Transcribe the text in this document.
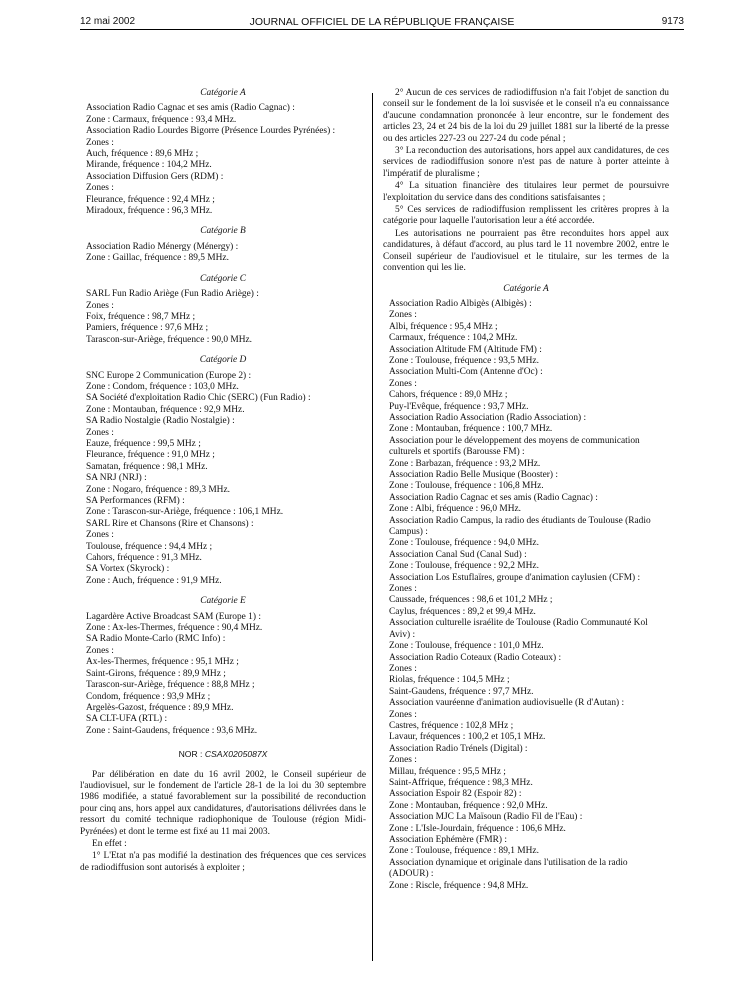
12 mai 2002	JOURNAL OFFICIEL DE LA RÉPUBLIQUE FRANÇAISE	9173
Catégorie A
Association Radio Cagnac et ses amis (Radio Cagnac) :
Zone : Carmaux, fréquence : 93,4 MHz.
Association Radio Lourdes Bigorre (Présence Lourdes Pyrénées) :
Zones :
Auch, fréquence : 89,6 MHz ;
Mirande, fréquence : 104,2 MHz.
Association Diffusion Gers (RDM) :
Zones :
Fleurance, fréquence : 92,4 MHz ;
Miradoux, fréquence : 96,3 MHz.
Catégorie B
Association Radio Ménergy (Ménergy) :
Zone : Gaillac, fréquence : 89,5 MHz.
Catégorie C
SARL Fun Radio Ariège (Fun Radio Ariège) :
Zones :
Foix, fréquence : 98,7 MHz ;
Pamiers, fréquence : 97,6 MHz ;
Tarascon-sur-Ariège, fréquence : 90,0 MHz.
Catégorie D
SNC Europe 2 Communication (Europe 2) :
Zone : Condom, fréquence : 103,0 MHz.
SA Société d'exploitation Radio Chic (SERC) (Fun Radio) :
Zone : Montauban, fréquence : 92,9 MHz.
SA Radio Nostalgie (Radio Nostalgie) :
Zones :
Eauze, fréquence : 99,5 MHz ;
Fleurance, fréquence : 91,0 MHz ;
Samatan, fréquence : 98,1 MHz.
SA NRJ (NRJ) :
Zone : Nogaro, fréquence : 89,3 MHz.
SA Performances (RFM) :
Zone : Tarascon-sur-Ariège, fréquence : 106,1 MHz.
SARL Rire et Chansons (Rire et Chansons) :
Zones :
Toulouse, fréquence : 94,4 MHz ;
Cahors, fréquence : 91,3 MHz.
SA Vortex (Skyrock) :
Zone : Auch, fréquence : 91,9 MHz.
Catégorie E
Lagardère Active Broadcast SAM (Europe 1) :
Zone : Ax-les-Thermes, fréquence : 90,4 MHz.
SA Radio Monte-Carlo (RMC Info) :
Zones :
Ax-les-Thermes, fréquence : 95,1 MHz ;
Saint-Girons, fréquence : 89,9 MHz ;
Tarascon-sur-Ariège, fréquence : 88,8 MHz ;
Condom, fréquence : 93,9 MHz ;
Argelès-Gazost, fréquence : 89,9 MHz.
SA CLT-UFA (RTL) :
Zone : Saint-Gaudens, fréquence : 93,6 MHz.
NOR : CSAX0205087X
Par délibération en date du 16 avril 2002, le Conseil supérieur de l'audiovisuel, sur le fondement de l'article 28-1 de la loi du 30 septembre 1986 modifiée, a statué favorablement sur la possibilité de reconduction pour cinq ans, hors appel aux candidatures, d'autorisations délivrées dans le ressort du comité technique radiophonique de Toulouse (région Midi-Pyrénées) et dont le terme est fixé au 11 mai 2003.
En effet :
1° L'Etat n'a pas modifié la destination des fréquences que ces services de radiodiffusion sont autorisés à exploiter ;
2° Aucun de ces services de radiodiffusion n'a fait l'objet de sanction du conseil sur le fondement de la loi susvisée et le conseil n'a eu connaissance d'aucune condamnation prononcée à leur encontre, sur le fondement des articles 23, 24 et 24 bis de la loi du 29 juillet 1881 sur la liberté de la presse ou des articles 227-23 ou 227-24 du code pénal ;
3° La reconduction des autorisations, hors appel aux candidatures, de ces services de radiodiffusion sonore n'est pas de nature à porter atteinte à l'impératif de pluralisme ;
4° La situation financière des titulaires leur permet de poursuivre l'exploitation du service dans des conditions satisfaisantes ;
5° Ces services de radiodiffusion remplissent les critères propres à la catégorie pour laquelle l'autorisation leur a été accordée.
Les autorisations ne pourraient pas être reconduites hors appel aux candidatures, à défaut d'accord, au plus tard le 11 novembre 2002, entre le Conseil supérieur de l'audiovisuel et le titulaire, sur les termes de la convention qui les lie.
Catégorie A
Association Radio Albigès (Albigès) :
Zones :
Albi, fréquence : 95,4 MHz ;
Carmaux, fréquence : 104,2 MHz.
Association Altitude FM (Altitude FM) :
Zone : Toulouse, fréquence : 93,5 MHz.
Association Multi-Com (Antenne d'Oc) :
Zones :
Cahors, fréquence : 89,0 MHz ;
Puy-l'Evêque, fréquence : 93,7 MHz.
Association Radio Association (Radio Association) :
Zone : Montauban, fréquence : 100,7 MHz.
Association pour le développement des moyens de communication culturels et sportifs (Barousse FM) :
Zone : Barbazan, fréquence : 93,2 MHz.
Association Radio Belle Musique (Booster) :
Zone : Toulouse, fréquence : 106,8 MHz.
Association Radio Cagnac et ses amis (Radio Cagnac) :
Zone : Albi, fréquence : 96,0 MHz.
Association Radio Campus, la radio des étudiants de Toulouse (Radio Campus) :
Zone : Toulouse, fréquence : 94,0 MHz.
Association Canal Sud (Canal Sud) :
Zone : Toulouse, fréquence : 92,2 MHz.
Association Los Estuflaïres, groupe d'animation caylusien (CFM) :
Zones :
Caussade, fréquences : 98,6 et 101,2 MHz ;
Caylus, fréquences : 89,2 et 99,4 MHz.
Association culturelle israélite de Toulouse (Radio Communauté Kol Aviv) :
Zone : Toulouse, fréquence : 101,0 MHz.
Association Radio Coteaux (Radio Coteaux) :
Zones :
Riolas, fréquence : 104,5 MHz ;
Saint-Gaudens, fréquence : 97,7 MHz.
Association vauréenne d'animation audiovisuelle (R d'Autan) :
Zones :
Castres, fréquence : 102,8 MHz ;
Lavaur, fréquences : 100,2 et 105,1 MHz.
Association Radio Trénels (Digital) :
Zones :
Millau, fréquence : 95,5 MHz ;
Saint-Affrique, fréquence : 98,3 MHz.
Association Espoir 82 (Espoir 82) :
Zone : Montauban, fréquence : 92,0 MHz.
Association MJC La Maïsoun (Radio Fil de l'Eau) :
Zone : L'Isle-Jourdain, fréquence : 106,6 MHz.
Association Ephémère (FMR) :
Zone : Toulouse, fréquence : 89,1 MHz.
Association dynamique et originale dans l'utilisation de la radio (ADOUR) :
Zone : Riscle, fréquence : 94,8 MHz.
